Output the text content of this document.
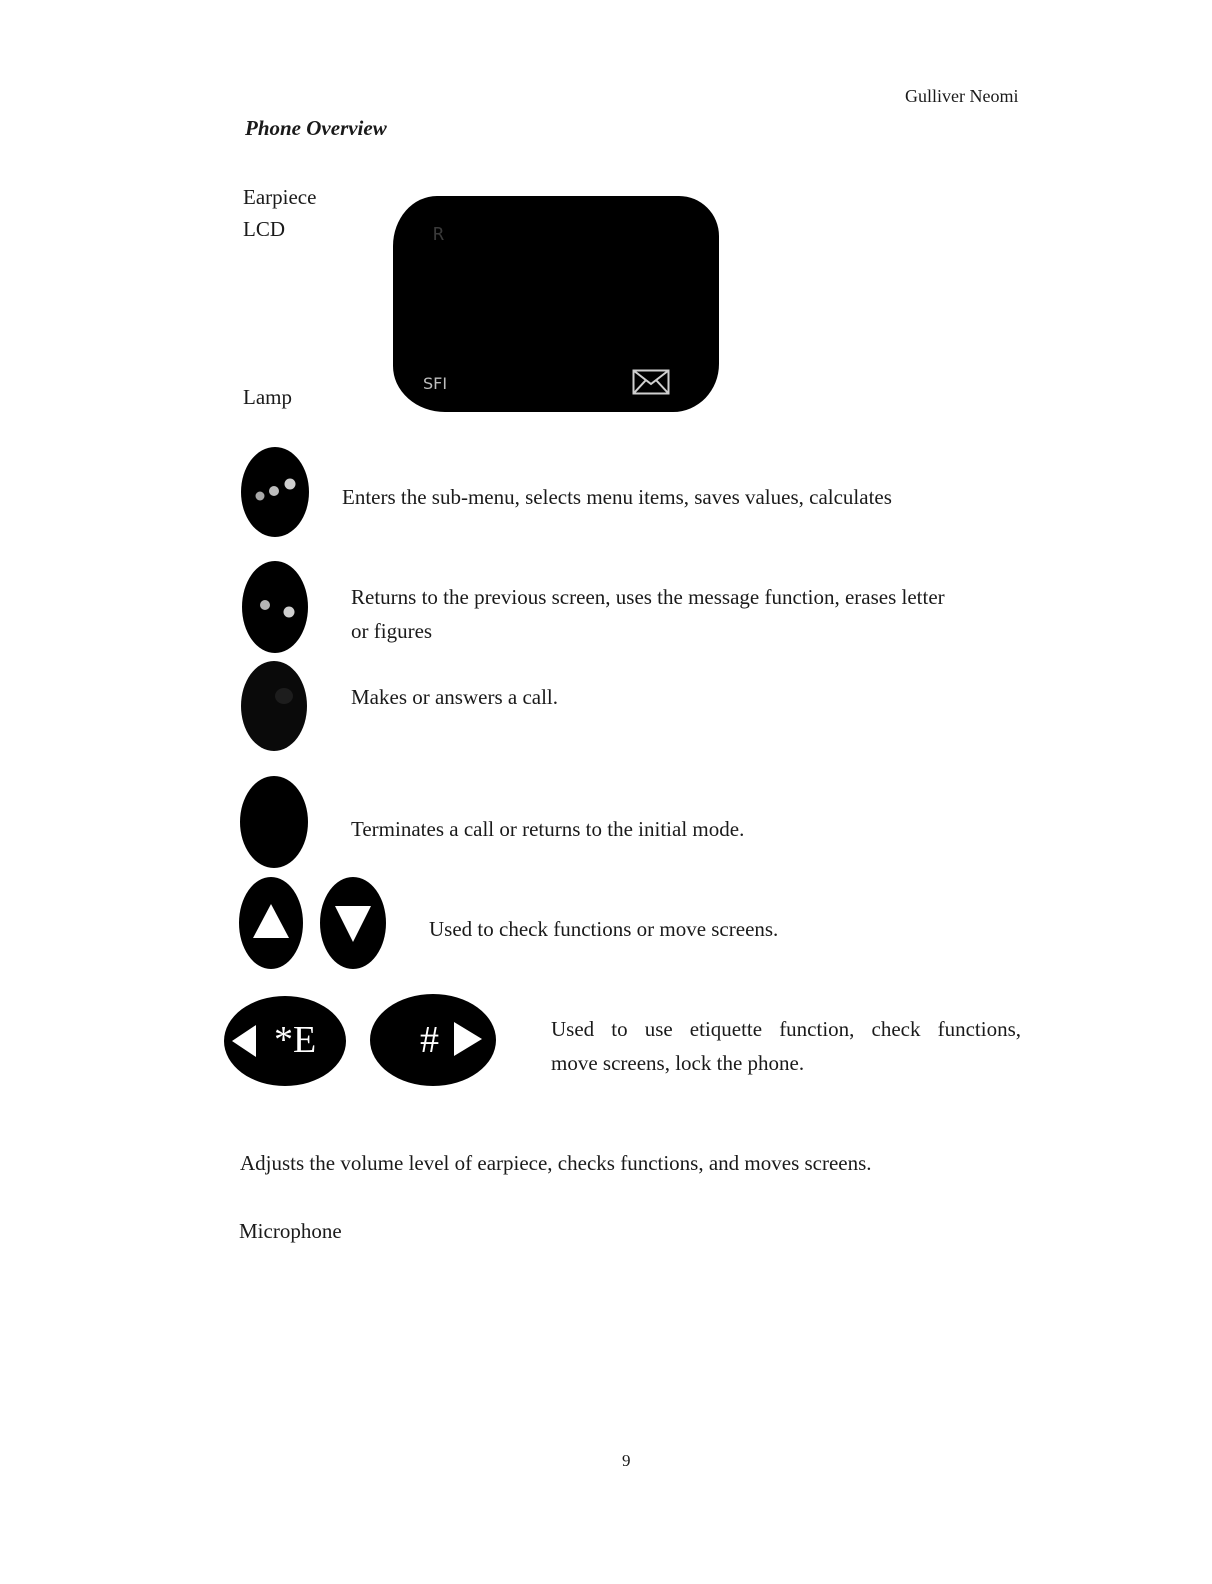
Gulliver Neomi
Phone Overview
Earpiece
LCD
Lamp
R
SFI
Enters the sub-menu, selects menu items, saves values, calculates
Returns to the previous screen, uses the message function, erases letter
or figures
Makes or answers a call.
Terminates a call or returns to the initial mode.
Used to check functions or move screens.
*E	#	Used to use etiquette function, check functions,
move screens, lock the phone.
Adjusts the volume level of earpiece, checks functions, and moves screens.
Microphone
9
